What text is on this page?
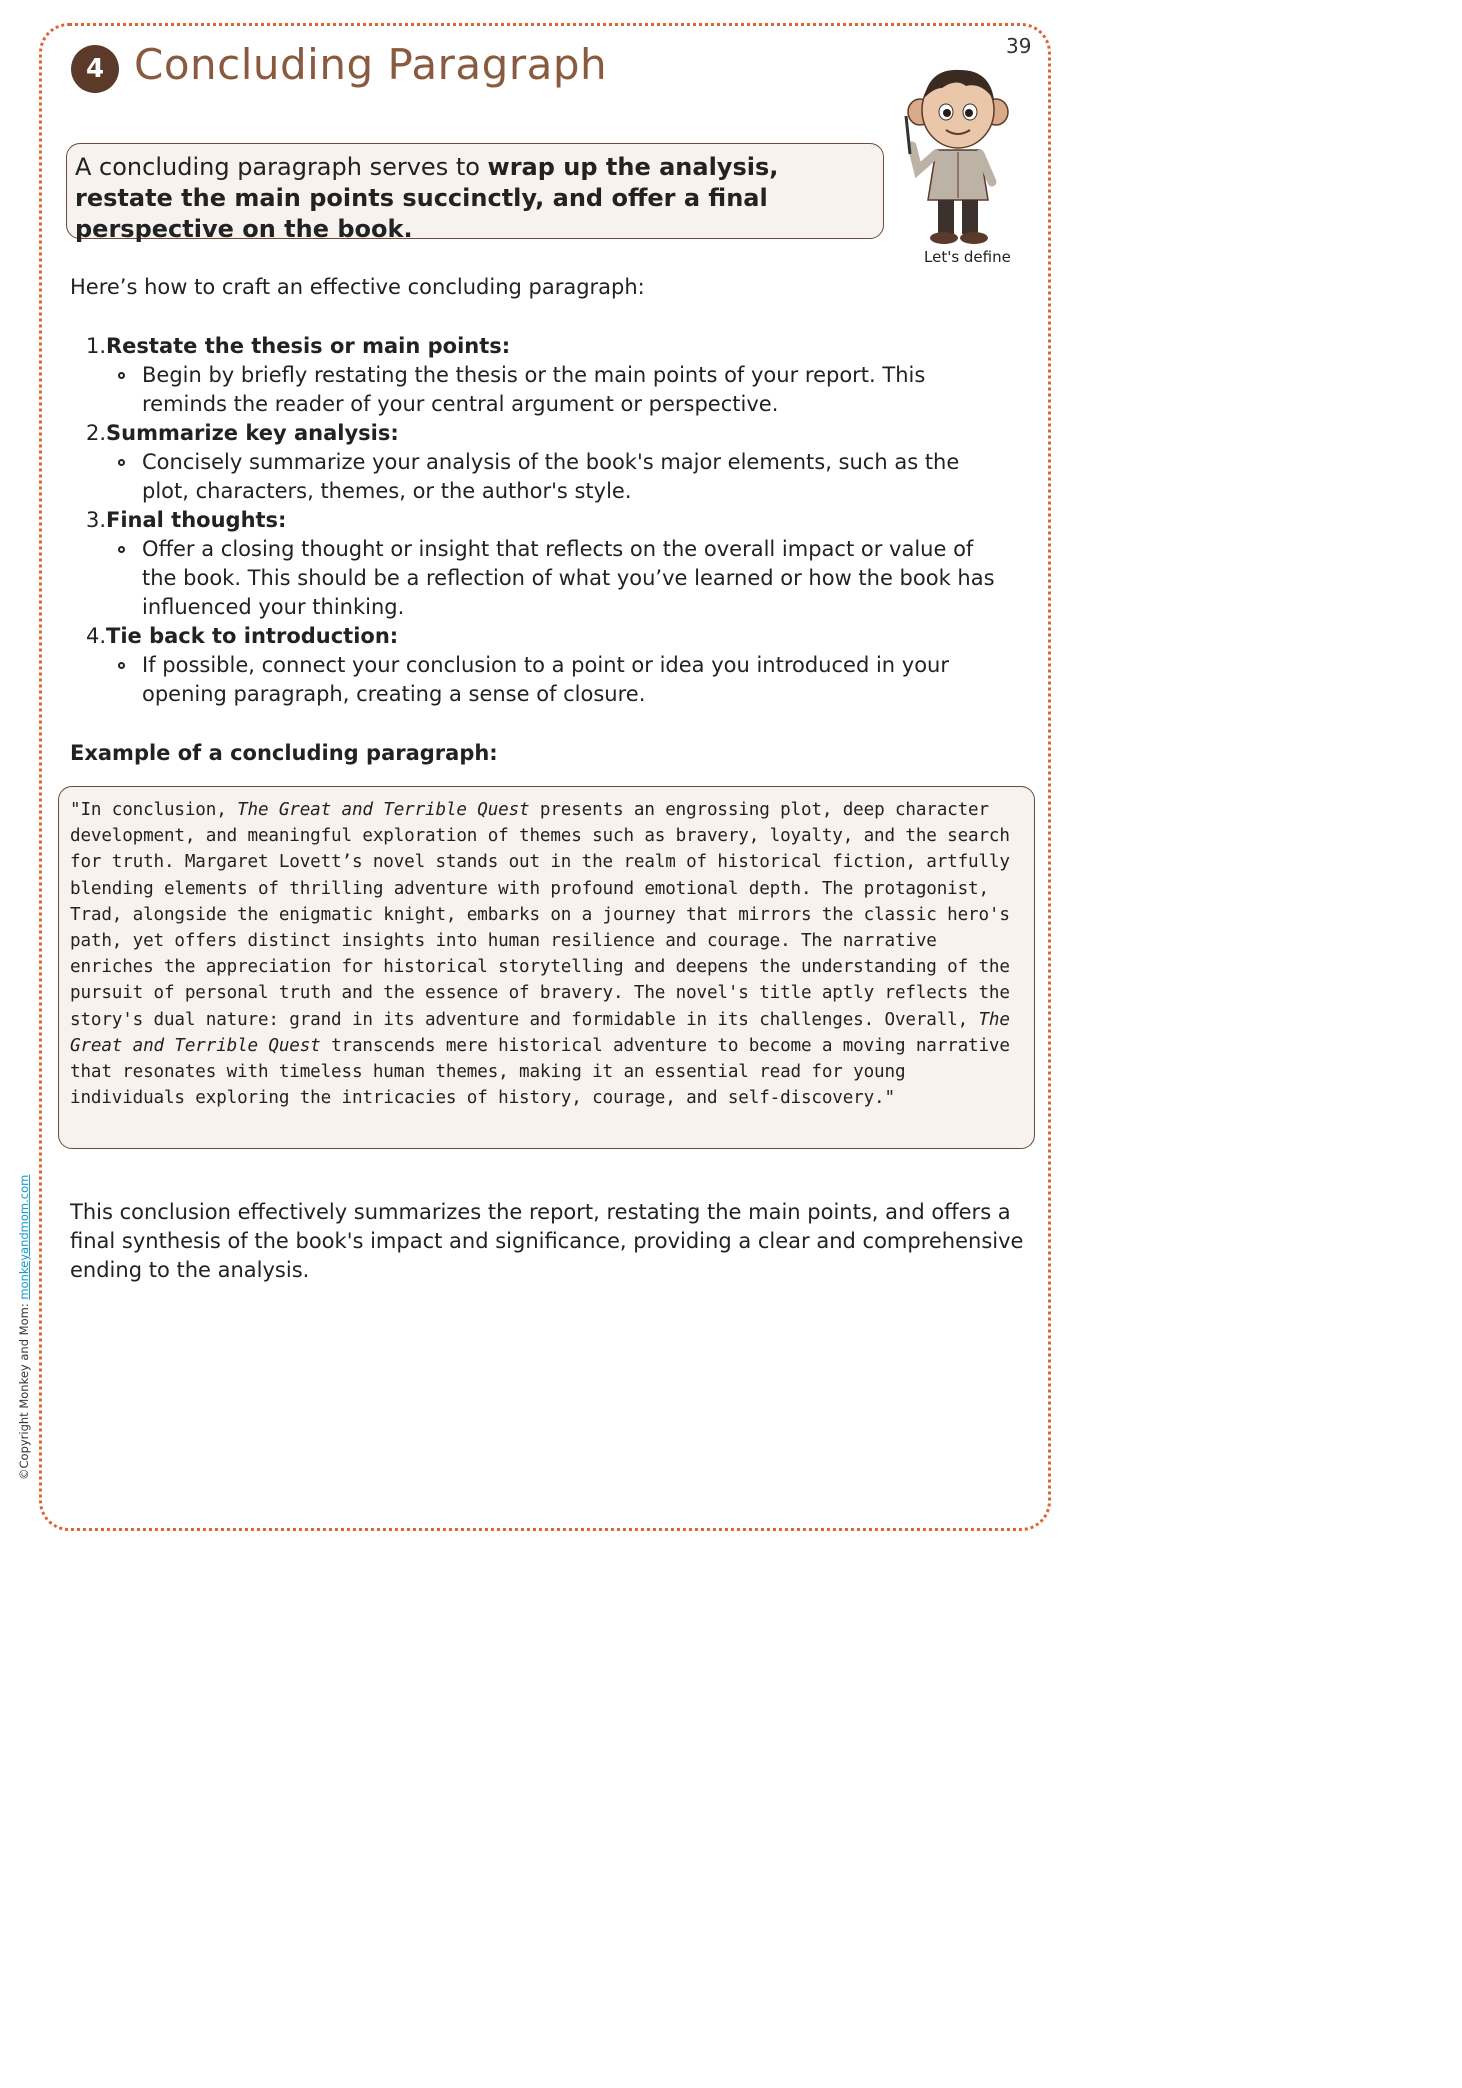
39
4 Concluding Paragraph
A concluding paragraph serves to wrap up the analysis, restate the main points succinctly, and offer a final perspective on the book.
Let's define
Here’s how to craft an effective concluding paragraph:
1. Restate the thesis or main points:
Begin by briefly restating the thesis or the main points of your report. This reminds the reader of your central argument or perspective.
2. Summarize key analysis:
Concisely summarize your analysis of the book's major elements, such as the plot, characters, themes, or the author's style.
3. Final thoughts:
Offer a closing thought or insight that reflects on the overall impact or value of the book. This should be a reflection of what you’ve learned or how the book has influenced your thinking.
4. Tie back to introduction:
If possible, connect your conclusion to a point or idea you introduced in your opening paragraph, creating a sense of closure.
Example of a concluding paragraph:
"In conclusion, The Great and Terrible Quest presents an engrossing plot, deep character development, and meaningful exploration of themes such as bravery, loyalty, and the search for truth. Margaret Lovett’s novel stands out in the realm of historical fiction, artfully blending elements of thrilling adventure with profound emotional depth. The protagonist, Trad, alongside the enigmatic knight, embarks on a journey that mirrors the classic hero's path, yet offers distinct insights into human resilience and courage. The narrative enriches the appreciation for historical storytelling and deepens the understanding of the pursuit of personal truth and the essence of bravery. The novel's title aptly reflects the story's dual nature: grand in its adventure and formidable in its challenges. Overall, The Great and Terrible Quest transcends mere historical adventure to become a moving narrative that resonates with timeless human themes, making it an essential read for young individuals exploring the intricacies of history, courage, and self-discovery."
This conclusion effectively summarizes the report, restating the main points, and offers a final synthesis of the book's impact and significance, providing a clear and comprehensive ending to the analysis.
©Copyright Monkey and Mom: monkeyandmom.com
